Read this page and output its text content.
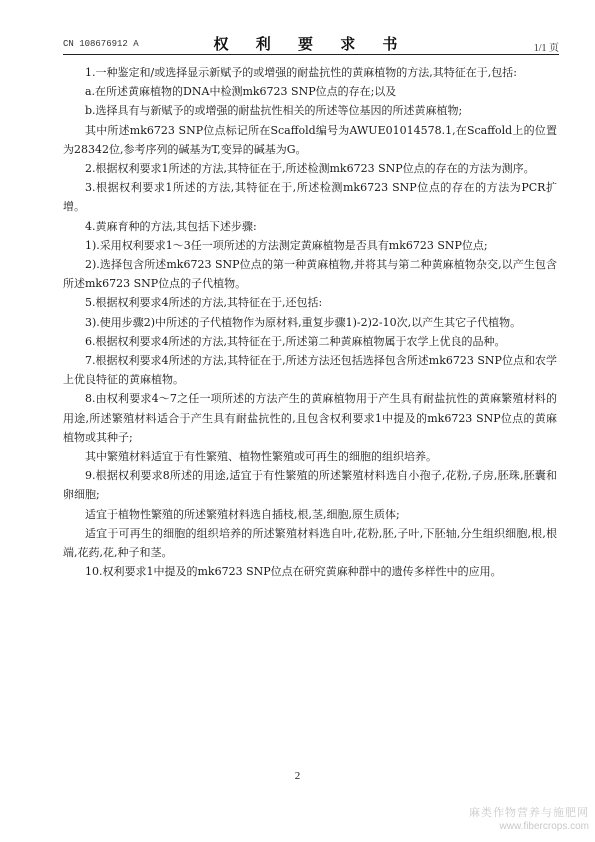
CN 108676912 A	权 利 要 求 书	1/1 页

1.一种鉴定和/或选择显示新赋予的或增强的耐盐抗性的黄麻植物的方法,其特征在于,包括:

a.在所述黄麻植物的DNA中检测mk6723 SNP位点的存在;以及

b.选择具有与新赋予的或增强的耐盐抗性相关的所述等位基因的所述黄麻植物;

其中所述mk6723 SNP位点标记所在Scaffold编号为AWUE01014578.1,在Scaffold上的位置为28342位,参考序列的碱基为T,变异的碱基为G。

2.根据权利要求1所述的方法,其特征在于,所述检测mk6723 SNP位点的存在的方法为测序。

3.根据权利要求1所述的方法,其特征在于,所述检测mk6723 SNP位点的存在的方法为PCR扩增。

4.黄麻育种的方法,其包括下述步骤:

1).采用权利要求1～3任一项所述的方法测定黄麻植物是否具有mk6723 SNP位点;

2).选择包含所述mk6723 SNP位点的第一种黄麻植物,并将其与第二种黄麻植物杂交,以产生包含所述mk6723 SNP位点的子代植物。

5.根据权利要求4所述的方法,其特征在于,还包括:

3).使用步骤2)中所述的子代植物作为原材料,重复步骤1)-2)2-10次,以产生其它子代植物。

6.根据权利要求4所述的方法,其特征在于,所述第二种黄麻植物属于农学上优良的品种。

7.根据权利要求4所述的方法,其特征在于,所述方法还包括选择包含所述mk6723 SNP位点和农学上优良特征的黄麻植物。

8.由权利要求4～7之任一项所述的方法产生的黄麻植物用于产生具有耐盐抗性的黄麻繁殖材料的用途,所述繁殖材料适合于产生具有耐盐抗性的,且包含权利要求1中提及的mk6723 SNP位点的黄麻植物或其种子;

其中繁殖材料适宜于有性繁殖、植物性繁殖或可再生的细胞的组织培养。

9.根据权利要求8所述的用途,适宜于有性繁殖的所述繁殖材料选自小孢子,花粉,子房,胚珠,胚囊和卵细胞;

适宜于植物性繁殖的所述繁殖材料选自插枝,根,茎,细胞,原生质体;

适宜于可再生的细胞的组织培养的所述繁殖材料选自叶,花粉,胚,子叶,下胚轴,分生组织细胞,根,根端,花药,花,种子和茎。

10.权利要求1中提及的mk6723 SNP位点在研究黄麻种群中的遗传多样性中的应用。

2
麻类作物营养与施肥网
www.fibercrops.com
